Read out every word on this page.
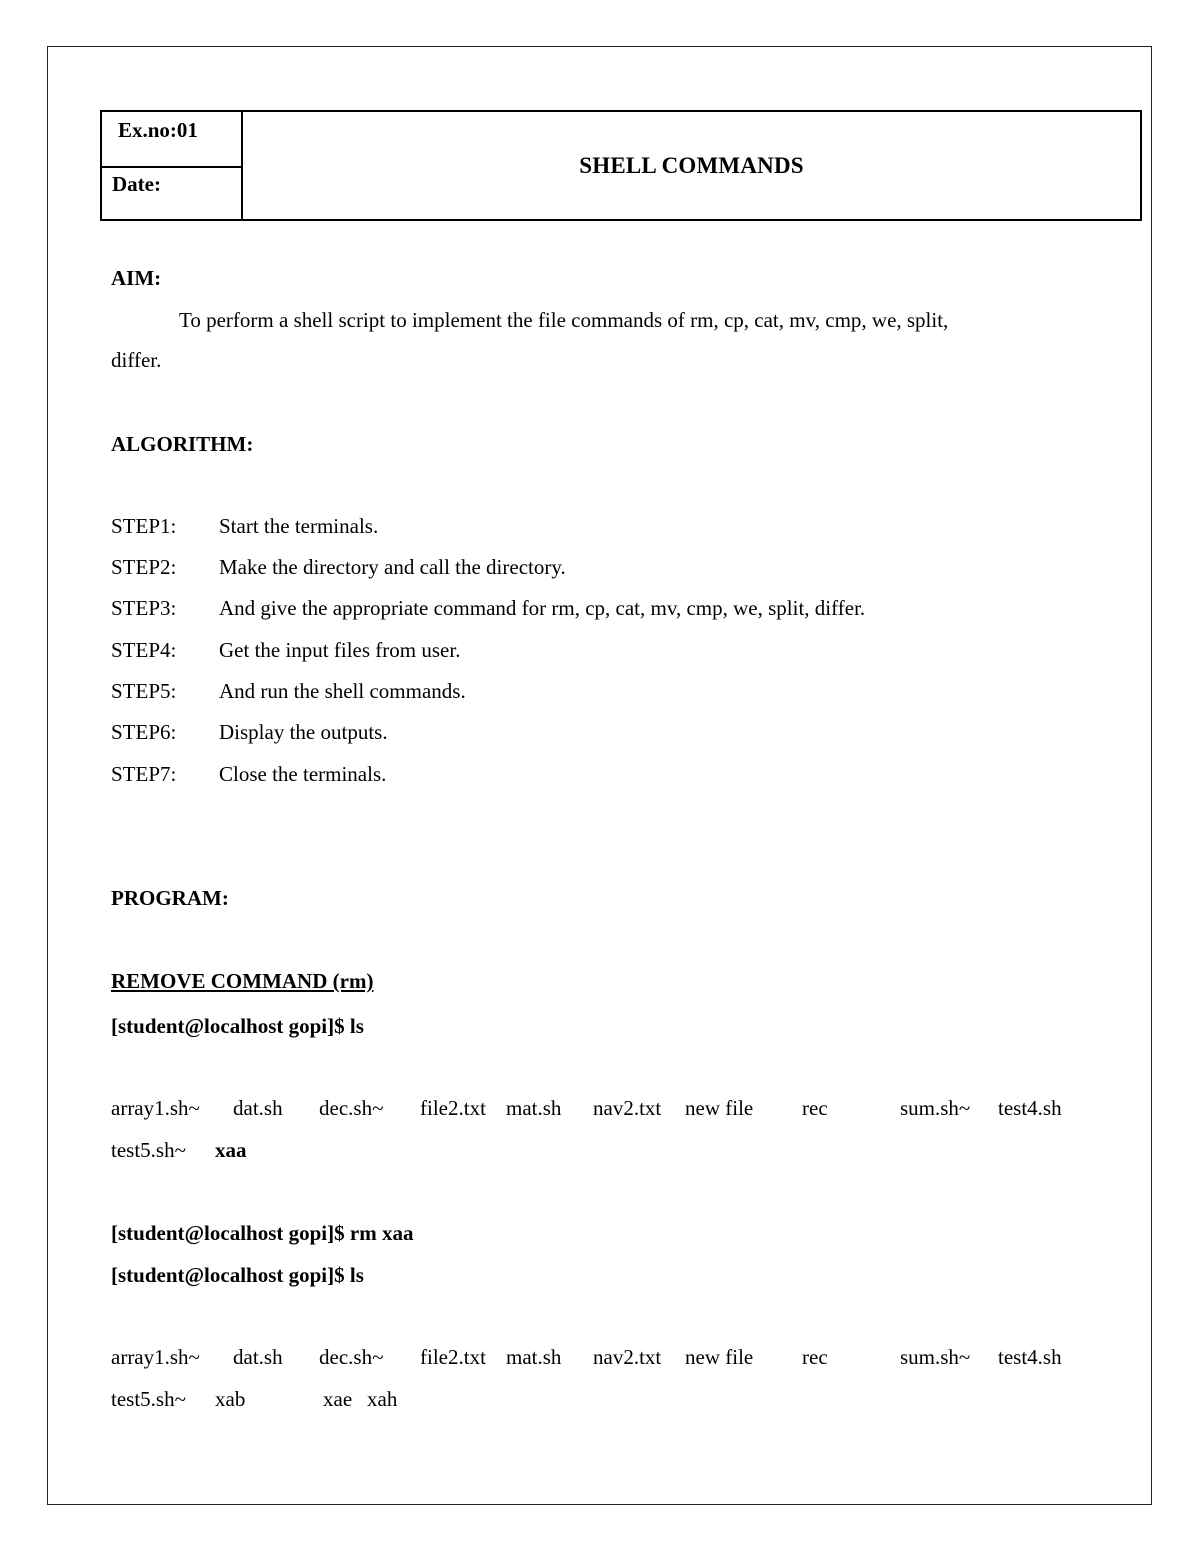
Ex.no:01
Date:
SHELL COMMANDS
AIM:
To perform a shell script to implement the file commands of rm, cp, cat, mv, cmp, we, split,
differ.
ALGORITHM:
STEP1: Start the terminals.
STEP2: Make the directory and call the directory.
STEP3: And give the appropriate command for rm, cp, cat, mv, cmp, we, split, differ.
STEP4: Get the input files from user.
STEP5: And run the shell commands.
STEP6: Display the outputs.
STEP7: Close the terminals.
PROGRAM:
REMOVE COMMAND (rm)
[student@localhost gopi]$ ls
array1.sh~ dat.sh dec.sh~ file2.txt mat.sh nav2.txt new file rec	sum.sh~ test4.sh
test5.sh~ xaa
[student@localhost gopi]$ rm xaa
[student@localhost gopi]$ ls
array1.sh~ dat.sh dec.sh~ file2.txt mat.sh nav2.txt new file rec	sum.sh~ test4.sh
test5.sh~ xab	xae xah
